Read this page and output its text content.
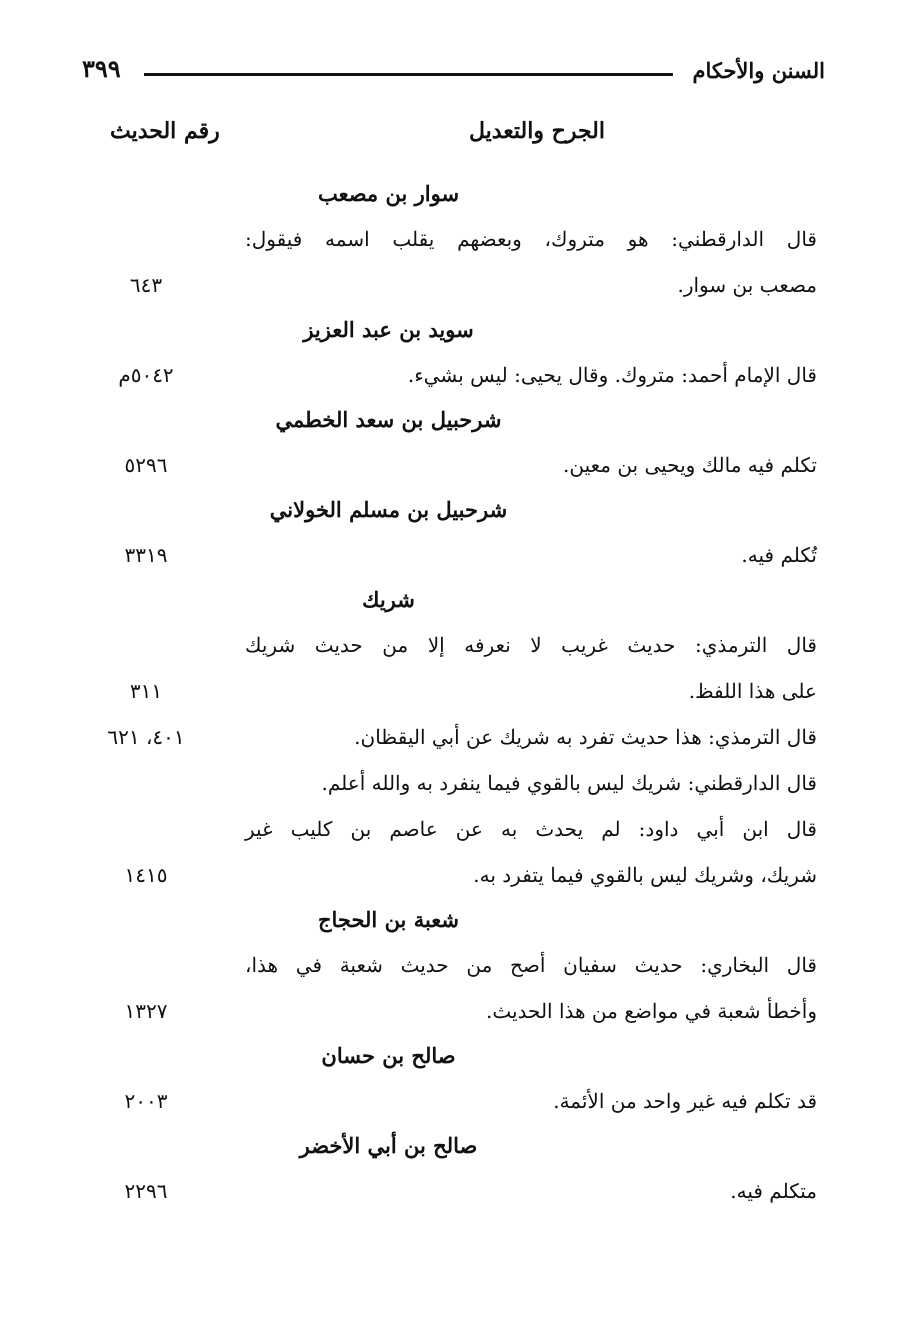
السنن والأحكام
٣٩٩
الجرح والتعديل
رقم الحديث
سوار بن مصعب
قال الدارقطني: هو متروك، وبعضهم يقلب اسمه فيقول:
مصعب بن سوار.
٦٤٣
سويد بن عبد العزيز
قال الإمام أحمد: متروك. وقال يحيى: ليس بشيء.
٥٠٤٢م
شرحبيل بن سعد الخطمي
تكلم فيه مالك ويحيى بن معين.
٥٢٩٦
شرحبيل بن مسلم الخولاني
تُكلم فيه.
٣٣١٩
شريك
قال الترمذي: حديث غريب لا نعرفه إلا من حديث شريك
على هذا اللفظ.
٣١١
قال الترمذي: هذا حديث تفرد به شريك عن أبي اليقظان.
٤٠١، ٦٢١
قال الدارقطني: شريك ليس بالقوي فيما ينفرد به والله أعلم.
قال ابن أبي داود: لم يحدث به عن عاصم بن كليب غير
شريك، وشريك ليس بالقوي فيما يتفرد به.
١٤١٥
شعبة بن الحجاج
قال البخاري: حديث سفيان أصح من حديث شعبة في هذا،
وأخطأ شعبة في مواضع من هذا الحديث.
١٣٢٧
صالح بن حسان
قد تكلم فيه غير واحد من الأئمة.
٢٠٠٣
صالح بن أبي الأخضر
متكلم فيه.
٢٢٩٦
